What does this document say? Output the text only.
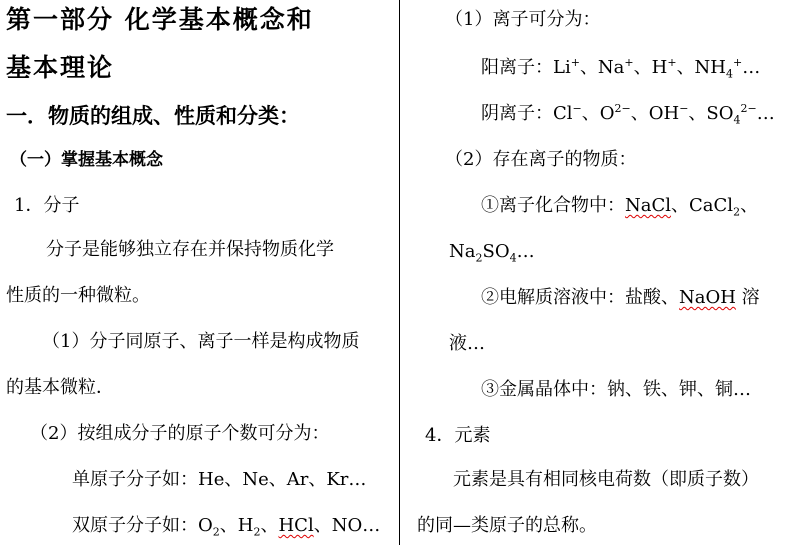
第一部分 化学基本概念和
基本理论
一．物质的组成、性质和分类：
（一）掌握基本概念
1．分子
分子是能够独立存在并保持物质化学
性质的一种微粒。
（1）分子同原子、离子一样是构成物质
的基本微粒．
（2）按组成分子的原子个数可分为：
单原子分子如：He、Ne、Ar、Kr…
双原子分子如：$O_2$、$H_2$、HCl、NO…
（1）离子可分为：
阳离子：Li+、Na+、H+、$NH_4^+\dots$
阴离子：Cl−、$O^{2-}$、OH−、$SO_4^{2-}\dots$
（2）存在离子的物质：
①离子化合物中：NaCl、CaCl$_2$、
$Na_2SO_4\dots$
②电解质溶液中：盐酸、NaOH 溶
液…
③金属晶体中：钠、铁、钾、铜…
4．元素
元素是具有相同核电荷数（即质子数）
的同—类原子的总称。
